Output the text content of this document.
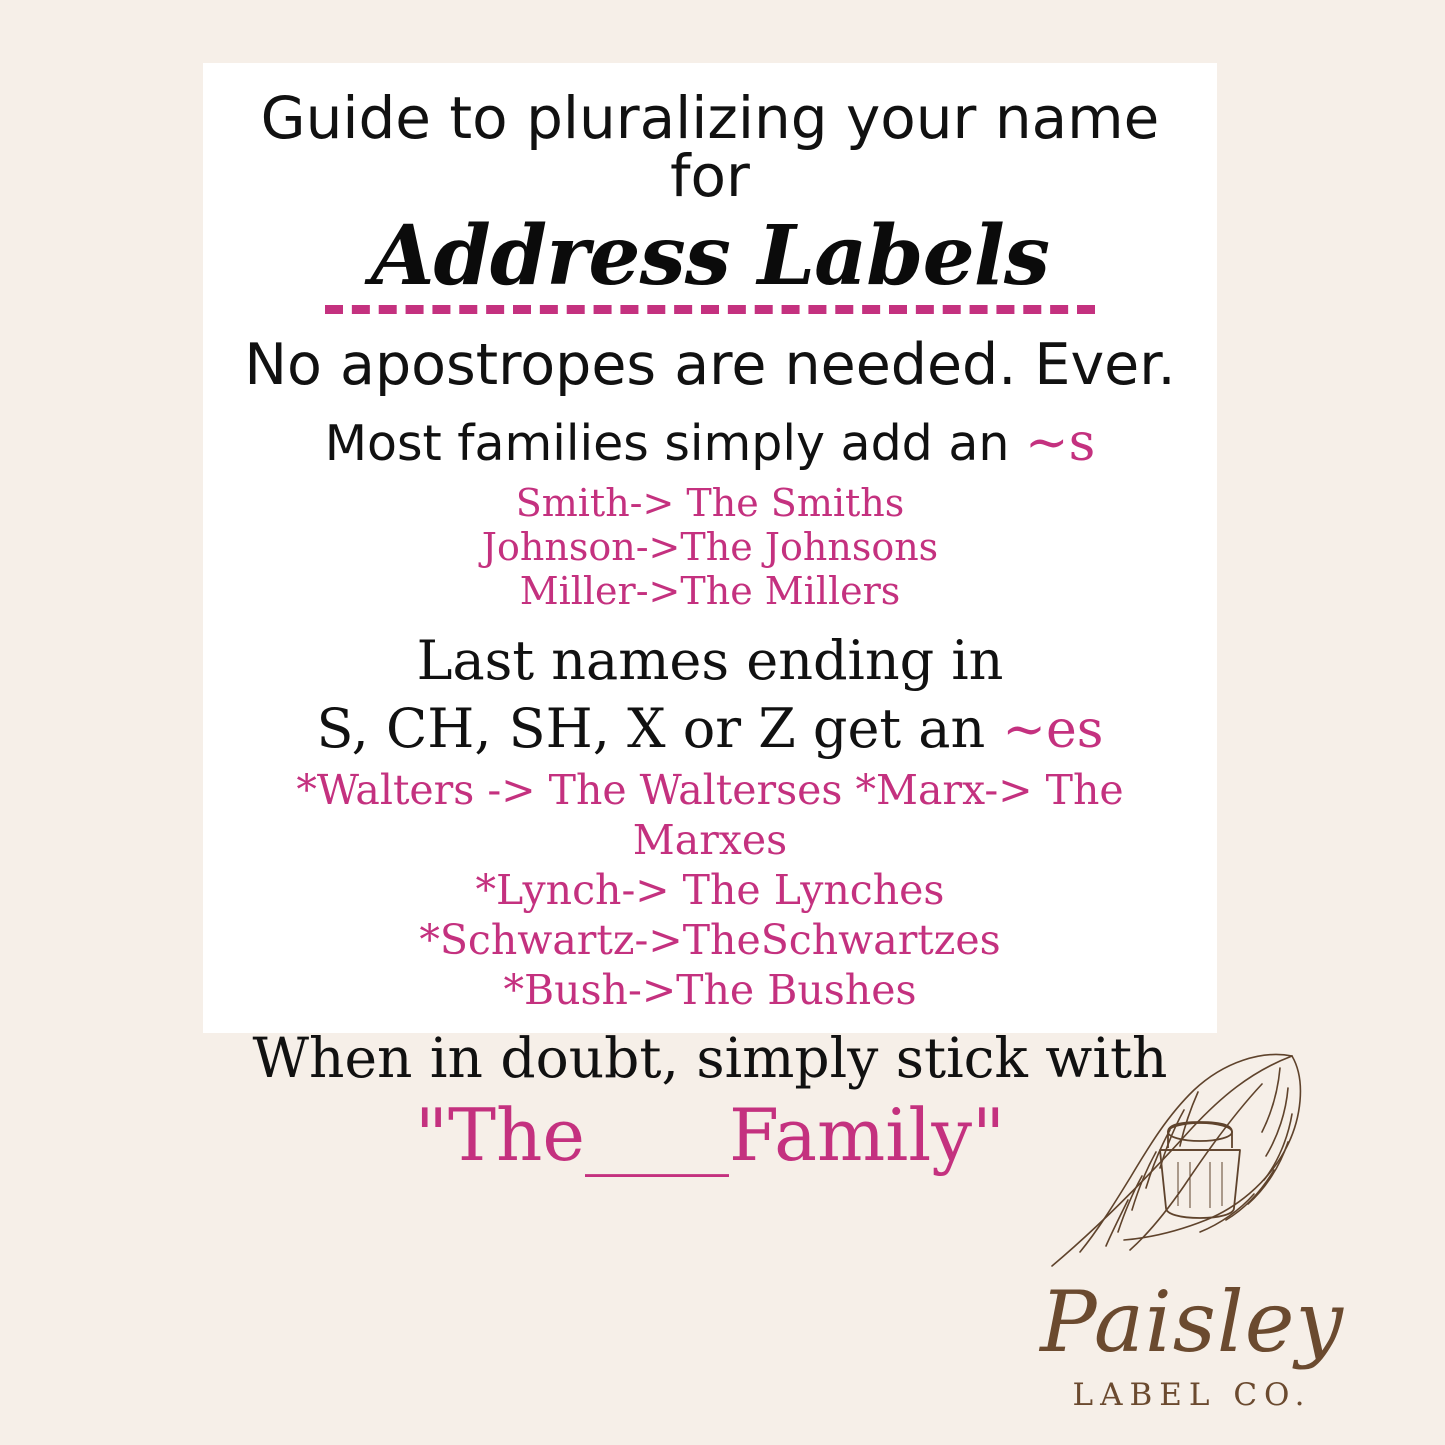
Guide to pluralizing your name for
Address Labels
No apostropes are needed. Ever.
Most families simply add an ~s
Smith-> The Smiths
Johnson->The Johnsons
Miller->The Millers
Last names ending in
S, CH, SH, X or Z get an ~es
*Walters -> The Walterses *Marx-> The Marxes
*Lynch-> The Lynches
*Schwartz->TheSchwartzes
*Bush->The Bushes
When in doubt, simply stick with
"The____Family"
Paisley
LABEL CO.
